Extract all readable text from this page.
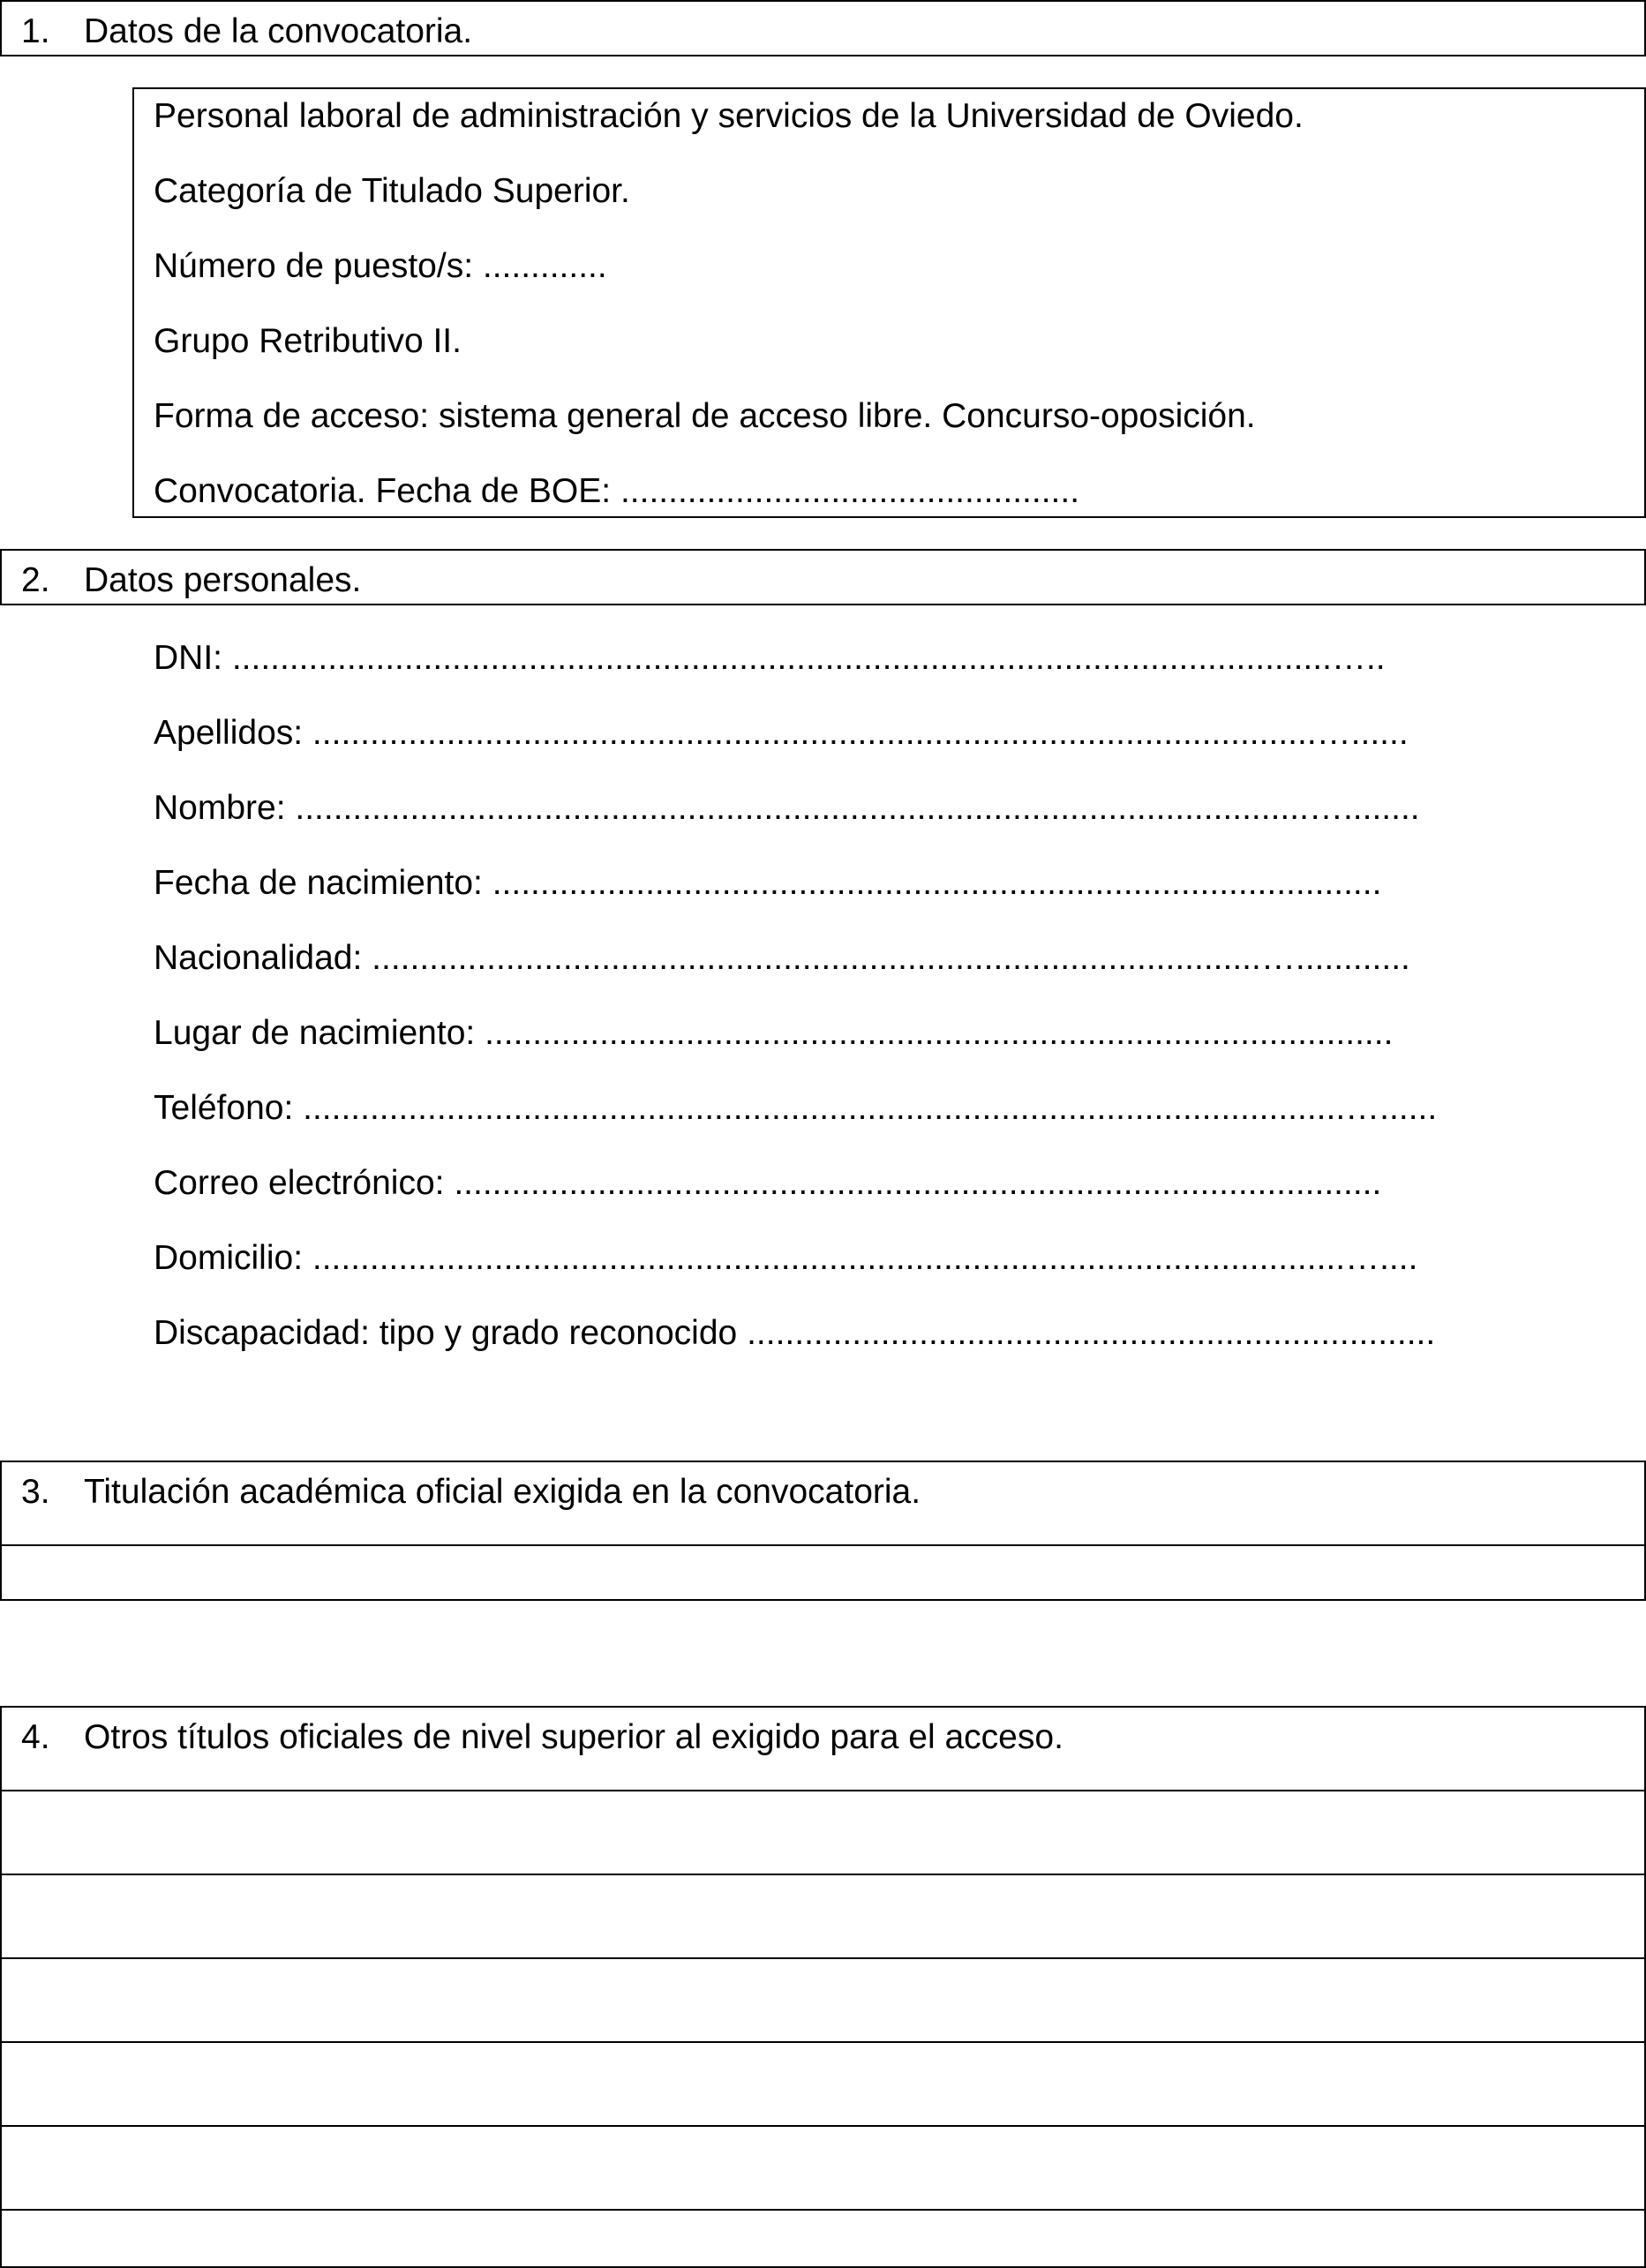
1. Datos de la convocatoria.
Personal laboral de administración y servicios de la Universidad de Oviedo.
Categoría de Titulado Superior.
Número de puesto/s: .............
Grupo Retributivo II.
Forma de acceso: sistema general de acceso libre. Concurso-oposición.
Convocatoria. Fecha de BOE: ................................................
2. Datos personales.
DNI: ...................................................................................................................…..
Apellidos: .........................................................................................................…......
Nombre: ..........................................................................................................…........
Fecha de nacimiento: .............................................................................................
Nacionalidad: .............................................................................................…............
Lugar de nacimiento: ...............................................................................................
Teléfono: .............................................................................................................…......
Correo electrónico: .................................................................................................
Domicilio: ............................................................................................................…....
Discapacidad: tipo y grado reconocido ........................................................................
3. Titulación académica oficial exigida en la convocatoria.
4. Otros títulos oficiales de nivel superior al exigido para el acceso.
